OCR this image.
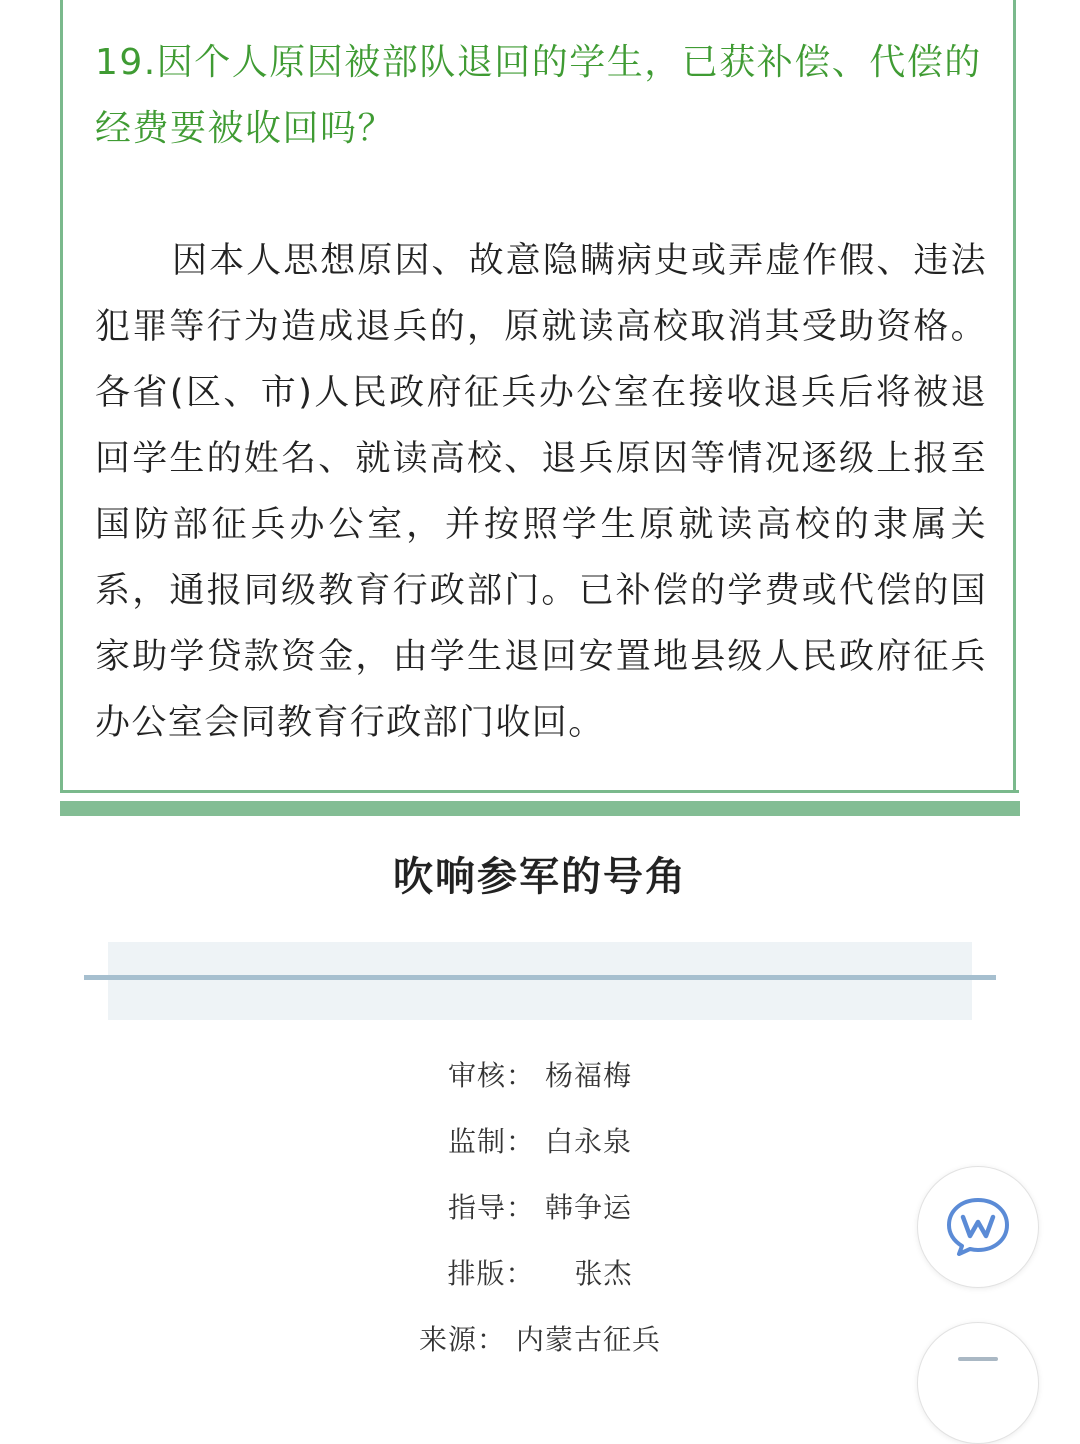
19.因个人原因被部队退回的学生，已获补偿、代偿的经费要被收回吗？

因本人思想原因、故意隐瞒病史或弄虚作假、违法犯罪等行为造成退兵的，原就读高校取消其受助资格。各省(区、市)人民政府征兵办公室在接收退兵后将被退回学生的姓名、就读高校、退兵原因等情况逐级上报至国防部征兵办公室，并按照学生原就读高校的隶属关系，通报同级教育行政部门。已补偿的学费或代偿的国家助学贷款资金，由学生退回安置地县级人民政府征兵办公室会同教育行政部门收回。

吹响参军的号角
审核： 杨福梅
监制： 白永泉
指导： 韩争运
排版： 张杰
来源： 内蒙古征兵
